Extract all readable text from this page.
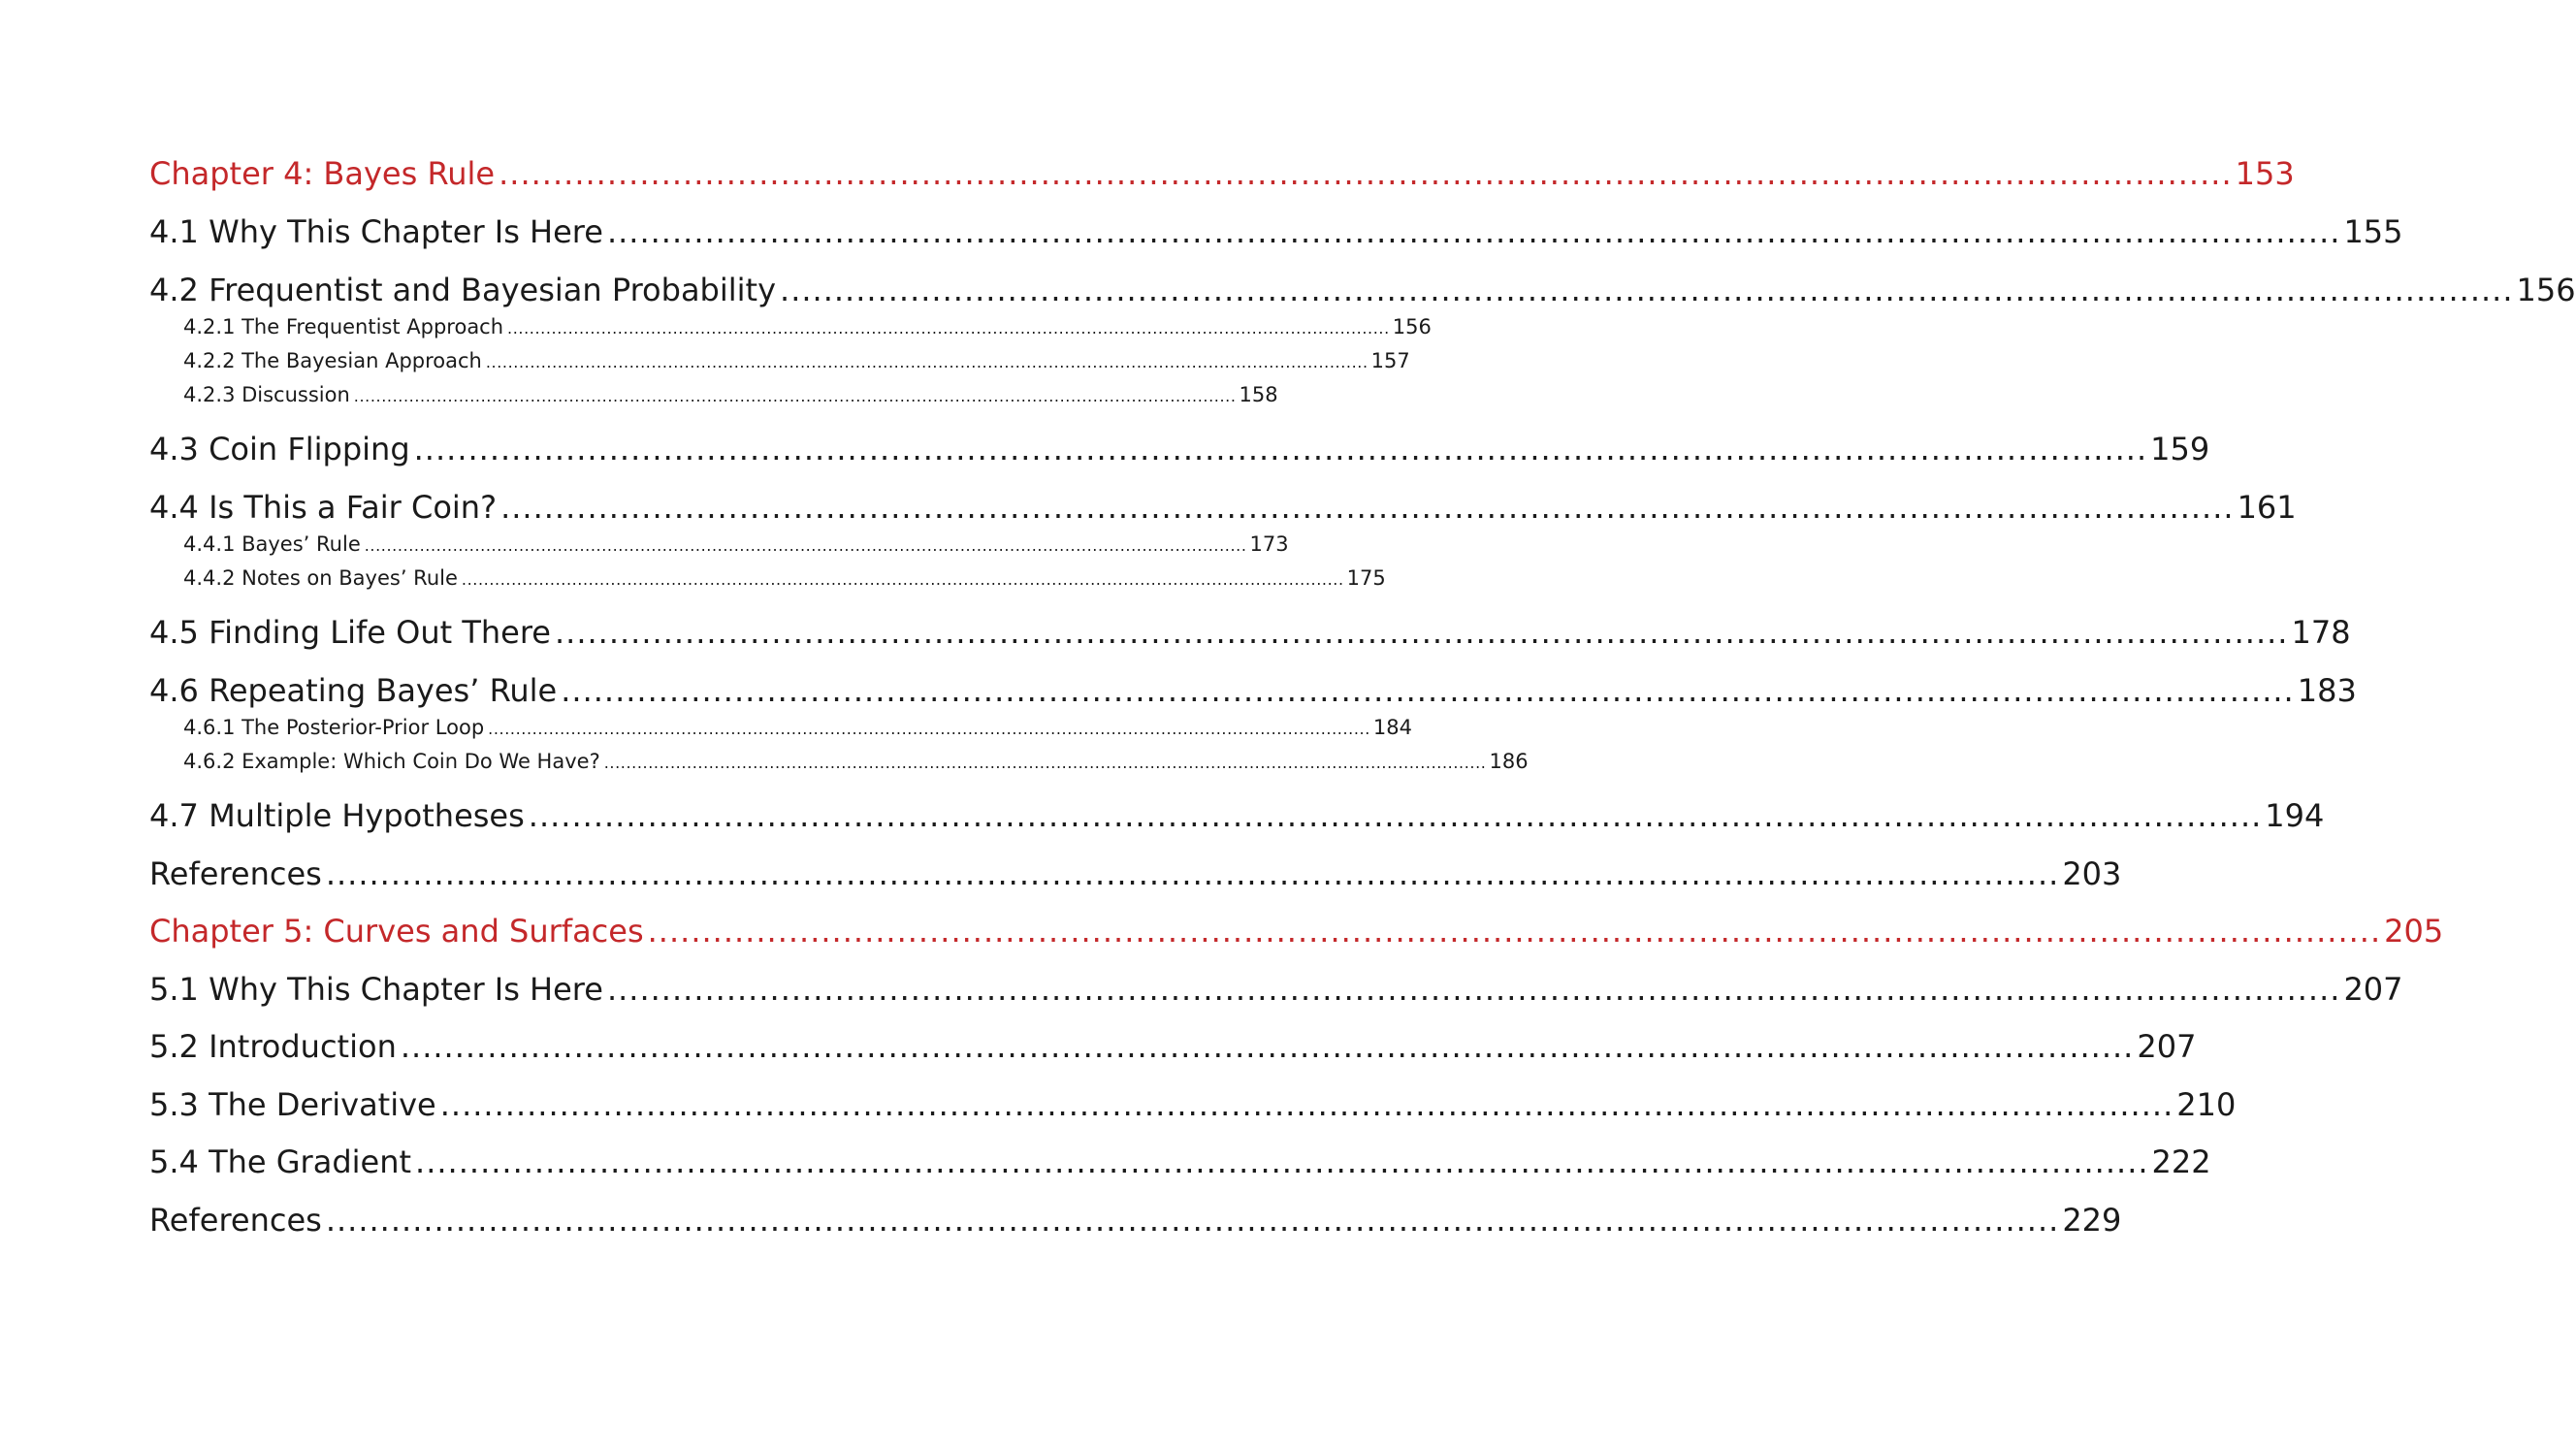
Chapter 4: Bayes Rule ................................................................................................................................................................ 153
4.1 Why This Chapter Is Here ................................................................................................................................................................ 155
4.2 Frequentist and Bayesian Probability ................................................................................................................................................................ 156
4.2.1 The Frequentist Approach ................................................................................................................................................................ 156
4.2.2 The Bayesian Approach ................................................................................................................................................................ 157
4.2.3 Discussion ................................................................................................................................................................ 158
4.3 Coin Flipping ................................................................................................................................................................ 159
4.4 Is This a Fair Coin? ................................................................................................................................................................ 161
4.4.1 Bayes’ Rule ................................................................................................................................................................ 173
4.4.2 Notes on Bayes’ Rule ................................................................................................................................................................ 175
4.5 Finding Life Out There ................................................................................................................................................................ 178
4.6 Repeating Bayes’ Rule ................................................................................................................................................................ 183
4.6.1 The Posterior-Prior Loop ................................................................................................................................................................ 184
4.6.2 Example: Which Coin Do We Have? ................................................................................................................................................................ 186
4.7 Multiple Hypotheses ................................................................................................................................................................ 194
References ................................................................................................................................................................ 203
Chapter 5: Curves and Surfaces ................................................................................................................................................................ 205
5.1 Why This Chapter Is Here ................................................................................................................................................................ 207
5.2 Introduction ................................................................................................................................................................ 207
5.3 The Derivative ................................................................................................................................................................ 210
5.4 The Gradient ................................................................................................................................................................ 222
References ................................................................................................................................................................ 229
